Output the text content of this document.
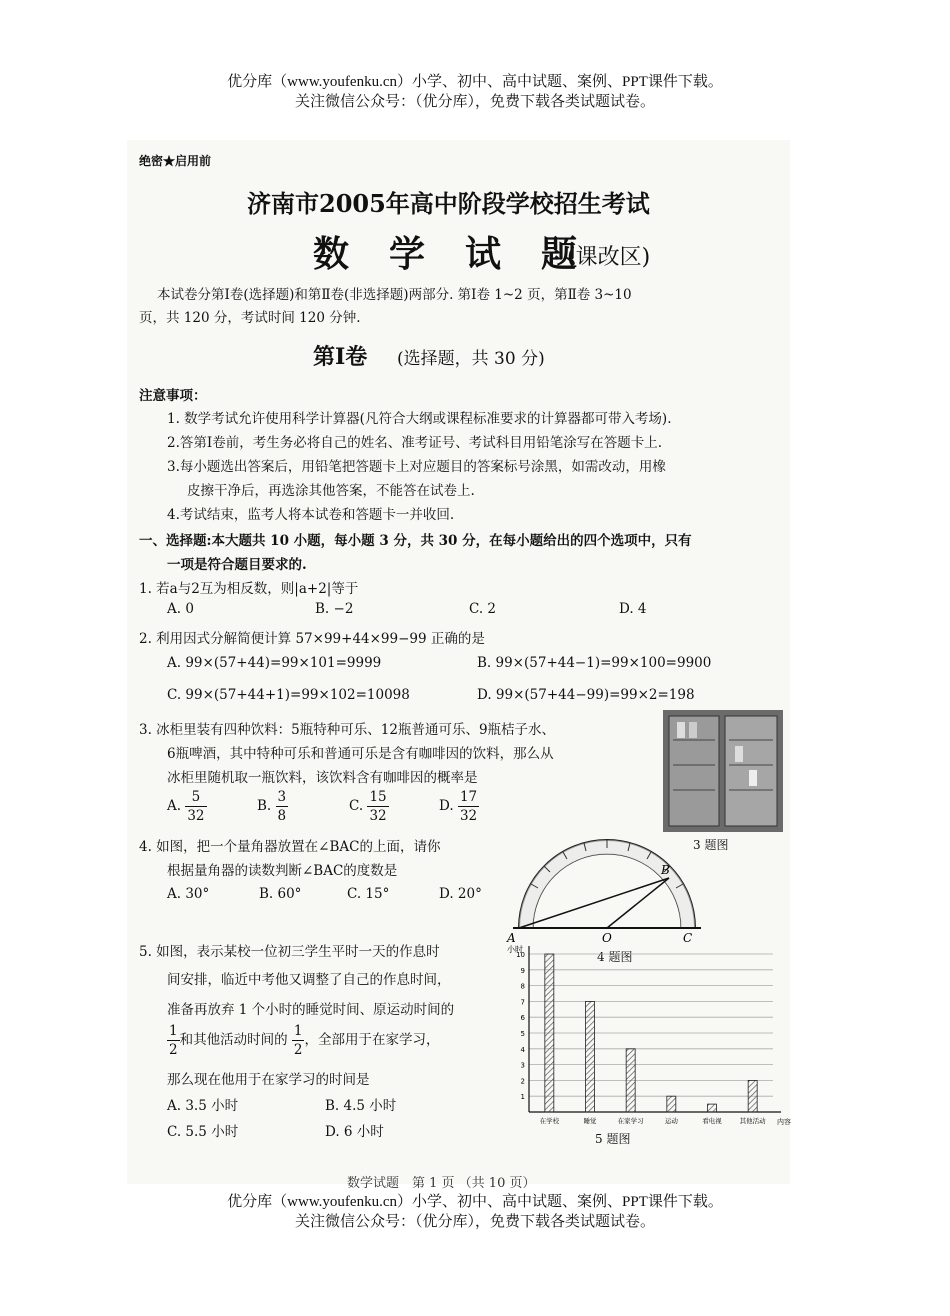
优分库（www.youfenku.cn）小学、初中、高中试题、案例、PPT课件下载。
关注微信公众号：（优分库），免费下载各类试题试卷。
绝密★启用前
济南市2005年高中阶段学校招生考试
数　学　试　题
(课改区)
本试卷分第Ⅰ卷(选择题)和第Ⅱ卷(非选择题)两部分. 第Ⅰ卷 1~2 页，第Ⅱ卷 3~10
页，共 120 分，考试时间 120 分钟.
第Ⅰ卷 (选择题，共 30 分)
注意事项：
1. 数学考试允许使用科学计算器(凡符合大纲或课程标准要求的计算器都可带入考场).
2.答第Ⅰ卷前，考生务必将自己的姓名、准考证号、考试科目用铅笔涂写在答题卡上.
3.每小题选出答案后，用铅笔把答题卡上对应题目的答案标号涂黑，如需改动，用橡
皮擦干净后，再选涂其他答案，不能答在试卷上.
4.考试结束，监考人将本试卷和答题卡一并收回.
一、选择题:本大题共 10 小题，每小题 3 分，共 30 分，在每小题给出的四个选项中，只有
一项是符合题目要求的.
1. 若a与2互为相反数，则|a+2|等于
A. 0	B. −2	C. 2	D. 4
2. 利用因式分解简便计算 57×99+44×99−99 正确的是
A. 99×(57+44)=99×101=9999	B. 99×(57+44−1)=99×100=9900
C. 99×(57+44+1)=99×102=10098	D. 99×(57+44−99)=99×2=198
3. 冰柜里装有四种饮料：5瓶特种可乐、12瓶普通可乐、9瓶桔子水、
6瓶啤酒，其中特种可乐和普通可乐是含有咖啡因的饮料，那么从
冰柜里随机取一瓶饮料，该饮料含有咖啡因的概率是
A. $\frac{5}{32}$	B. $\frac{3}{8}$	C. $\frac{15}{32}$	D. $\frac{17}{32}$
3 题图
4. 如图，把一个量角器放置在∠BAC的上面，请你
根据量角器的读数判断∠BAC的度数是
A. 30°	B. 60°	C. 15°	D. 20°
A	O	C
B
4 题图
5. 如图，表示某校一位初三学生平时一天的作息时
间安排，临近中考他又调整了自己的作息时间，
准备再放弃 1 个小时的睡觉时间、原运动时间的
$\frac{1}{2}$ 和其他活动时间的 $\frac{1}{2}$ ，全部用于在家学习，
那么现在他用于在家学习的时间是
A. 3.5 小时	B. 4.5 小时
C. 5.5 小时	D. 6 小时
1
2
3
4
5
6
7
8
9
10
小时
内容
在学校	睡觉	在家学习	运动	看电视	其他活动
5 题图
数学试题　第 1 页 （共 10 页）
优分库（www.youfenku.cn）小学、初中、高中试题、案例、PPT课件下载。
关注微信公众号：（优分库），免费下载各类试题试卷。
